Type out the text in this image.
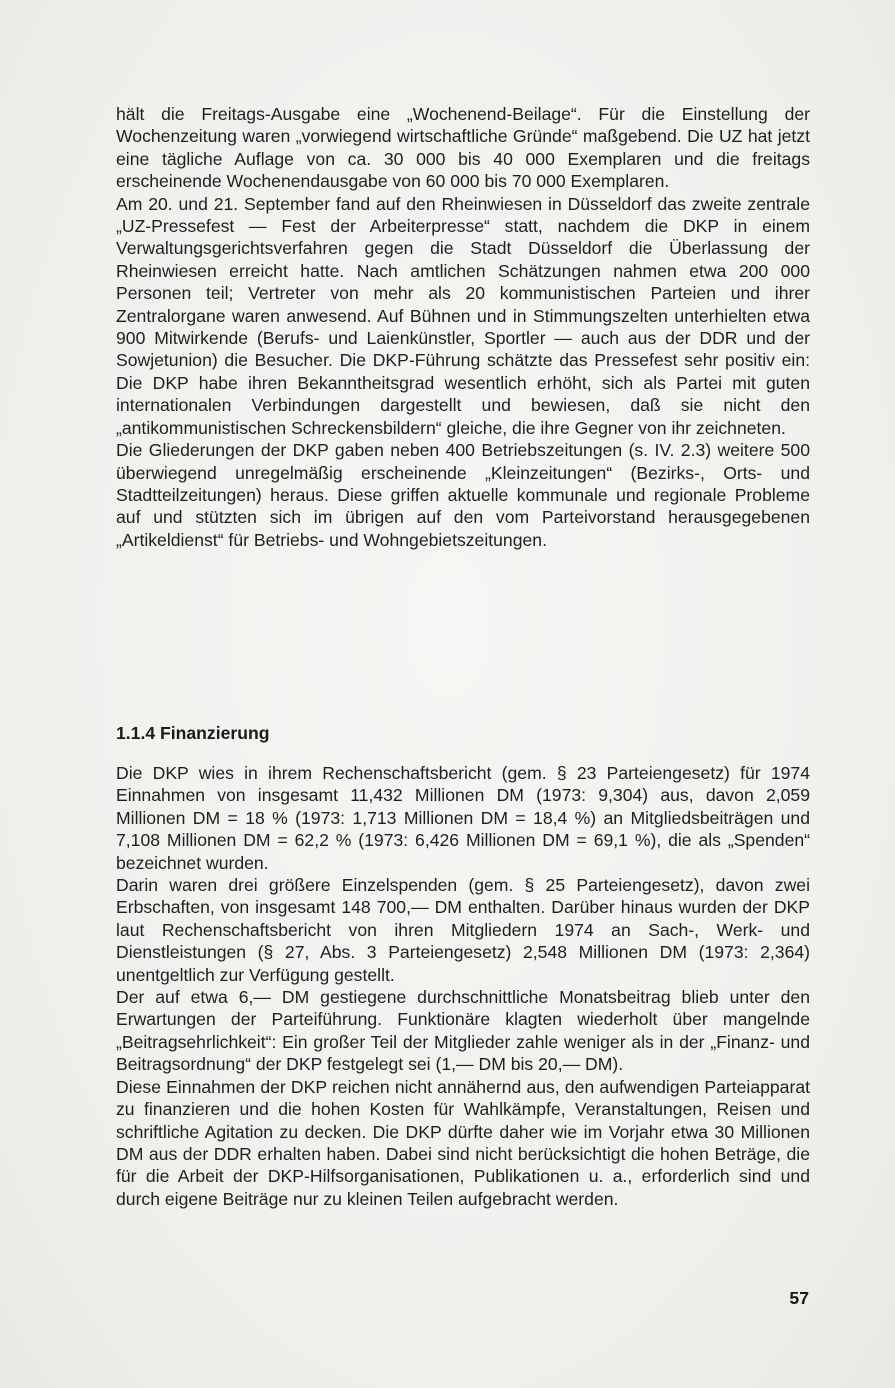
hält die Freitags-Ausgabe eine „Wochenend-Beilage“. Für die Einstellung der Wochenzeitung waren „vorwiegend wirtschaftliche Gründe“ maßgebend. Die UZ hat jetzt eine tägliche Auflage von ca. 30 000 bis 40 000 Exemplaren und die freitags erscheinende Wochenendausgabe von 60 000 bis 70 000 Exemplaren.

Am 20. und 21. September fand auf den Rheinwiesen in Düsseldorf das zweite zentrale „UZ-Pressefest — Fest der Arbeiterpresse“ statt, nachdem die DKP in einem Verwaltungsgerichtsverfahren gegen die Stadt Düsseldorf die Überlassung der Rheinwiesen erreicht hatte. Nach amtlichen Schätzungen nahmen etwa 200 000 Personen teil; Vertreter von mehr als 20 kommunistischen Parteien und ihrer Zentralorgane waren anwesend. Auf Bühnen und in Stimmungszelten unterhielten etwa 900 Mitwirkende (Berufs- und Laienkünstler, Sportler — auch aus der DDR und der Sowjetunion) die Besucher. Die DKP-Führung schätzte das Pressefest sehr positiv ein: Die DKP habe ihren Bekanntheitsgrad wesentlich erhöht, sich als Partei mit guten internationalen Verbindungen dargestellt und bewiesen, daß sie nicht den „antikommunistischen Schreckensbildern“ gleiche, die ihre Gegner von ihr zeichneten.

Die Gliederungen der DKP gaben neben 400 Betriebszeitungen (s. IV. 2.3) weitere 500 überwiegend unregelmäßig erscheinende „Kleinzeitungen“ (Bezirks-, Orts- und Stadtteilzeitungen) heraus. Diese griffen aktuelle kommunale und regionale Probleme auf und stützten sich im übrigen auf den vom Parteivorstand herausgegebenen „Artikeldienst“ für Betriebs- und Wohngebietszeitungen.

1.1.4 Finanzierung

Die DKP wies in ihrem Rechenschaftsbericht (gem. § 23 Parteiengesetz) für 1974 Einnahmen von insgesamt 11,432 Millionen DM (1973: 9,304) aus, davon 2,059 Millionen DM = 18 % (1973: 1,713 Millionen DM = 18,4 %) an Mitgliedsbeiträgen und 7,108 Millionen DM = 62,2 % (1973: 6,426 Millionen DM = 69,1 %), die als „Spenden“ bezeichnet wurden.

Darin waren drei größere Einzelspenden (gem. § 25 Parteiengesetz), davon zwei Erbschaften, von insgesamt 148 700,— DM enthalten. Darüber hinaus wurden der DKP laut Rechenschaftsbericht von ihren Mitgliedern 1974 an Sach-, Werk- und Dienstleistungen (§ 27, Abs. 3 Parteiengesetz) 2,548 Millionen DM (1973: 2,364) unentgeltlich zur Verfügung gestellt.

Der auf etwa 6,— DM gestiegene durchschnittliche Monatsbeitrag blieb unter den Erwartungen der Parteiführung. Funktionäre klagten wiederholt über mangelnde „Beitragsehrlichkeit“: Ein großer Teil der Mitglieder zahle weniger als in der „Finanz- und Beitragsordnung“ der DKP festgelegt sei (1,— DM bis 20,— DM).

Diese Einnahmen der DKP reichen nicht annähernd aus, den aufwendigen Parteiapparat zu finanzieren und die hohen Kosten für Wahlkämpfe, Veranstaltungen, Reisen und schriftliche Agitation zu decken. Die DKP dürfte daher wie im Vorjahr etwa 30 Millionen DM aus der DDR erhalten haben. Dabei sind nicht berücksichtigt die hohen Beträge, die für die Arbeit der DKP-Hilfsorganisationen, Publikationen u. a., erforderlich sind und durch eigene Beiträge nur zu kleinen Teilen aufgebracht werden.

57
